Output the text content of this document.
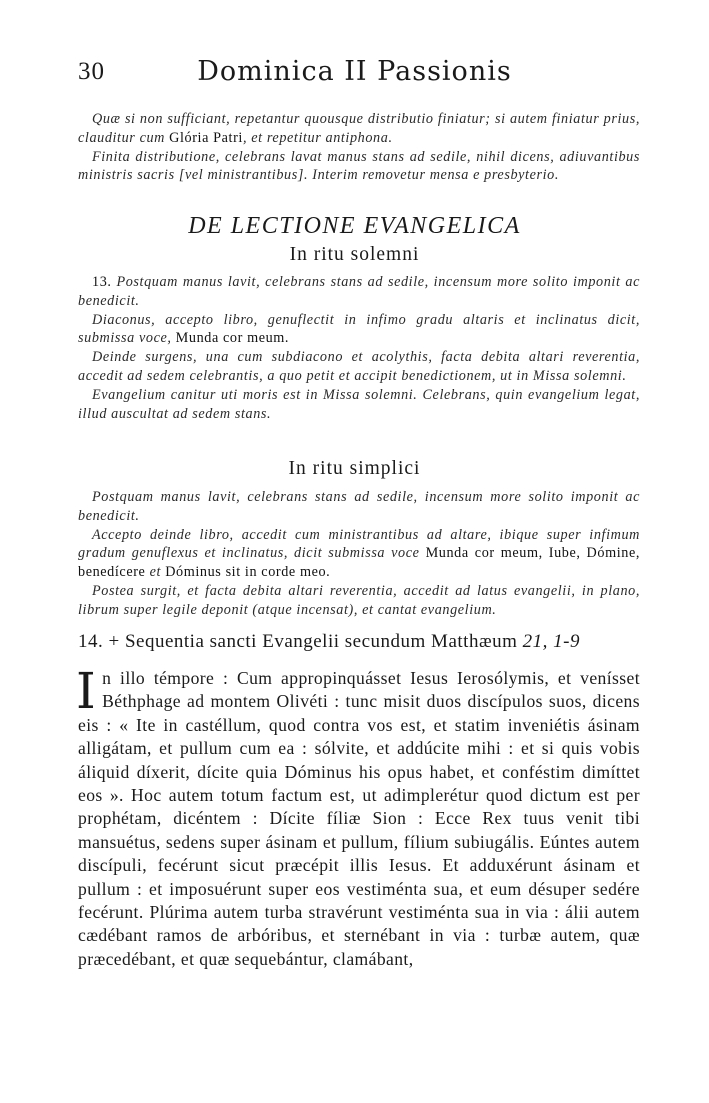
30	Dominica II Passionis

Quæ si non sufficiant, repetantur quousque distributio finiatur; si autem finiatur prius, clauditur cum Glória Patri, et repetitur antiphona.

Finita distributione, celebrans lavat manus stans ad sedile, nihil dicens, adiuvantibus ministris sacris [vel ministrantibus]. Interim removetur mensa e presbyterio.

DE LECTIONE EVANGELICA
In ritu solemni

13. Postquam manus lavit, celebrans stans ad sedile, incensum more solito imponit ac benedicit.

Diaconus, accepto libro, genuflectit in infimo gradu altaris et inclinatus dicit, submissa voce, Munda cor meum.

Deinde surgens, una cum subdiacono et acolythis, facta debita altari reverentia, accedit ad sedem celebrantis, a quo petit et accipit benedictionem, ut in Missa solemni.

Evangelium canitur uti moris est in Missa solemni. Celebrans, quin evangelium legat, illud auscultat ad sedem stans.

In ritu simplici

Postquam manus lavit, celebrans stans ad sedile, incensum more solito imponit ac benedicit.

Accepto deinde libro, accedit cum ministrantibus ad altare, ibique super infimum gradum genuflexus et inclinatus, dicit submissa voce Munda cor meum, Iube, Dómine, benedícere et Dóminus sit in corde meo.

Postea surgit, et facta debita altari reverentia, accedit ad latus evangelii, in plano, librum super legile deponit (atque incensat), et cantat evangelium.

14. + Sequentia sancti Evangelii secundum Matthæum 21, 1-9

In illo témpore : Cum appropinquásset Iesus Ierosólymis, et venísset Béthphage ad montem Olivéti : tunc misit duos discípulos suos, dicens eis : « Ite in castéllum, quod contra vos est, et statim inveniétis ásinam alligátam, et pullum cum ea : sólvite, et addúcite mihi : et si quis vobis áliquid díxerit, dícite quia Dóminus his opus habet, et conféstim dimíttet eos ». Hoc autem totum factum est, ut adimplerétur quod dictum est per prophétam, dicéntem : Dícite fíliæ Sion : Ecce Rex tuus venit tibi mansuétus, sedens super ásinam et pullum, fílium subiugális. Eúntes autem discípuli, fecérunt sicut præcépit illis Iesus. Et adduxérunt ásinam et pullum : et imposuérunt super eos vestiménta sua, et eum désuper sedére fecérunt. Plúrima autem turba stravérunt vestiménta sua in via : álii autem cædébant ramos de arbóribus, et sternébant in via : turbæ autem, quæ præcedébant, et quæ sequebántur, clamábant,
